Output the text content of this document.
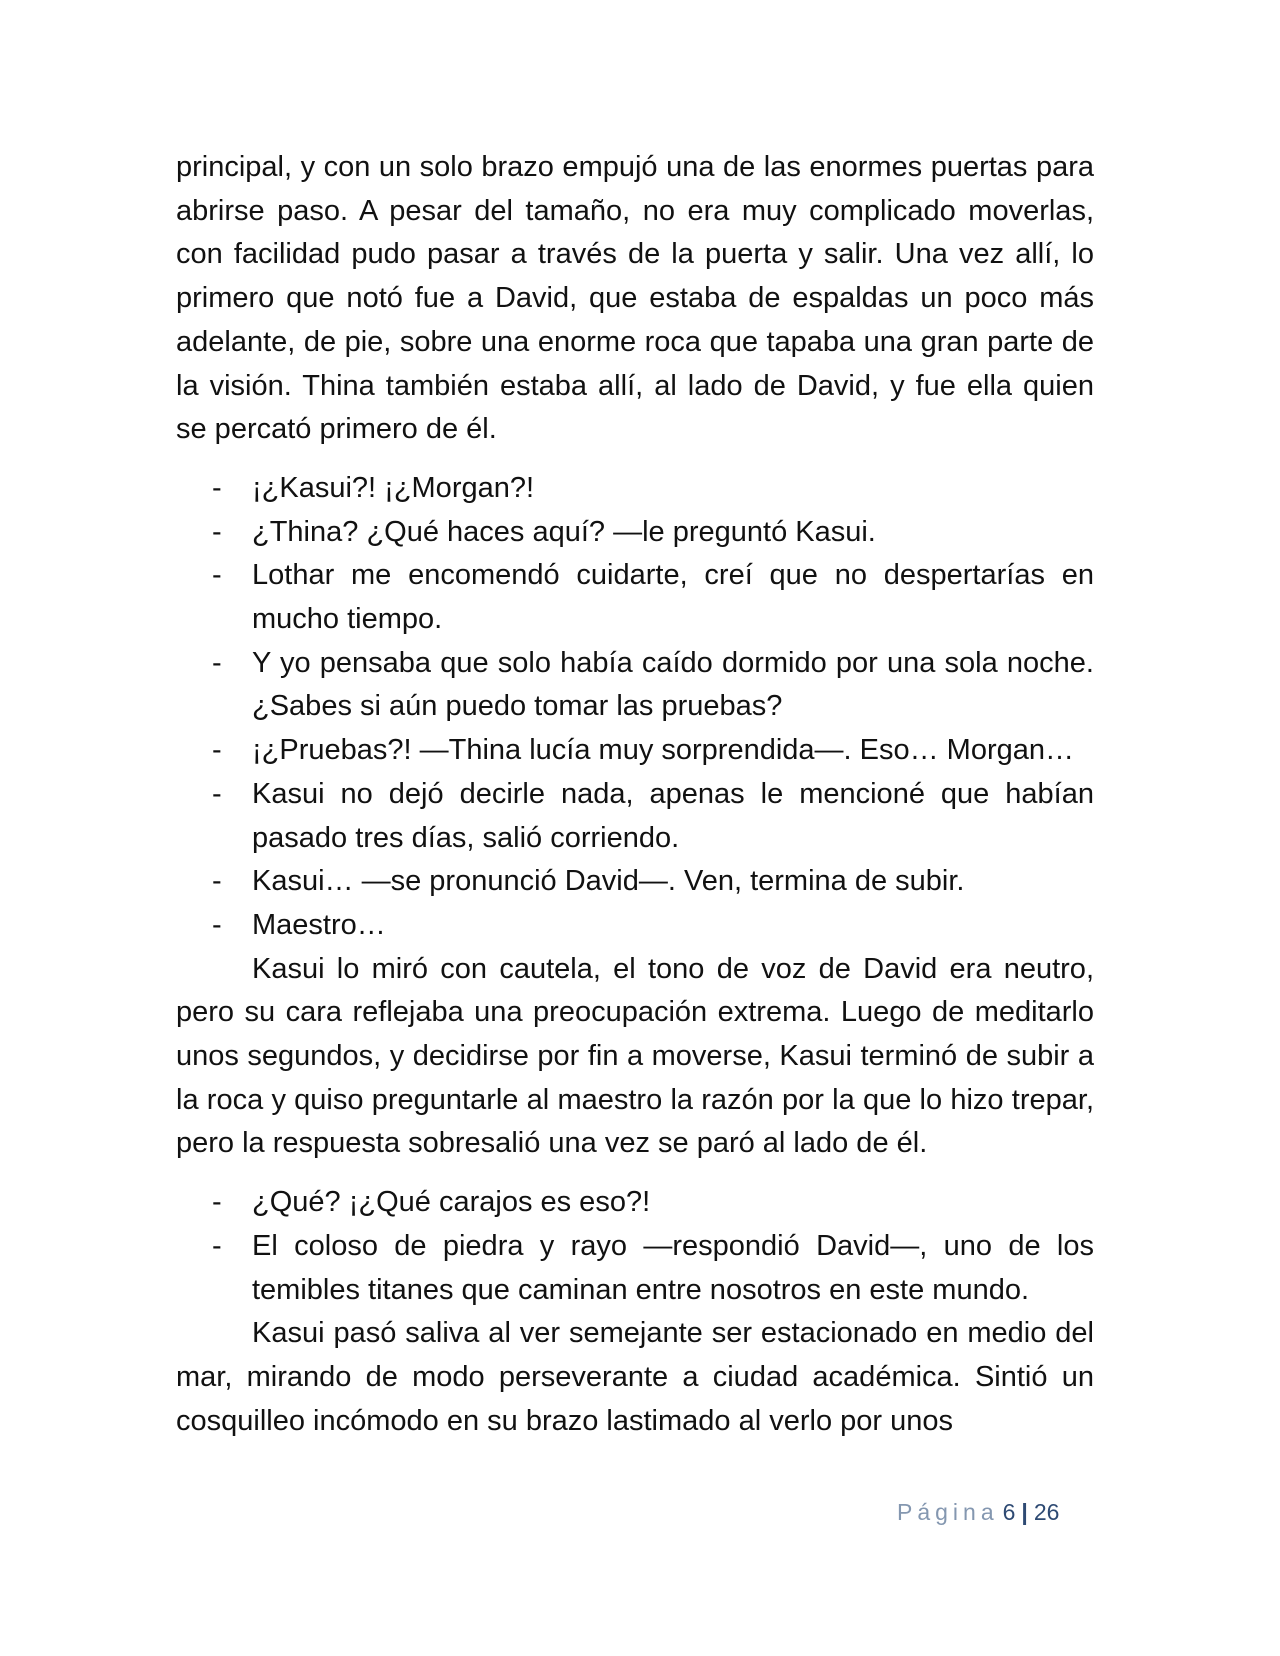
principal, y con un solo brazo empujó una de las enormes puertas para abrirse paso. A pesar del tamaño, no era muy complicado moverlas, con facilidad pudo pasar a través de la puerta y salir. Una vez allí, lo primero que notó fue a David, que estaba de espaldas un poco más adelante, de pie, sobre una enorme roca que tapaba una gran parte de la visión. Thina también estaba allí, al lado de David, y fue ella quien se percató primero de él.

- ¡¿Kasui?! ¡¿Morgan?!
- ¿Thina? ¿Qué haces aquí? —le preguntó Kasui.
- Lothar me encomendó cuidarte, creí que no despertarías en mucho tiempo.
- Y yo pensaba que solo había caído dormido por una sola noche. ¿Sabes si aún puedo tomar las pruebas?
- ¡¿Pruebas?! —Thina lucía muy sorprendida—. Eso… Morgan…
- Kasui no dejó decirle nada, apenas le mencioné que habían pasado tres días, salió corriendo.
- Kasui… —se pronunció David—. Ven, termina de subir.
- Maestro…

Kasui lo miró con cautela, el tono de voz de David era neutro, pero su cara reflejaba una preocupación extrema. Luego de meditarlo unos segundos, y decidirse por fin a moverse, Kasui terminó de subir a la roca y quiso preguntarle al maestro la razón por la que lo hizo trepar, pero la respuesta sobresalió una vez se paró al lado de él.

- ¿Qué? ¡¿Qué carajos es eso?!
- El coloso de piedra y rayo —respondió David—, uno de los temibles titanes que caminan entre nosotros en este mundo.

Kasui pasó saliva al ver semejante ser estacionado en medio del mar, mirando de modo perseverante a ciudad académica. Sintió un cosquilleo incómodo en su brazo lastimado al verlo por unos

Página 6 | 26
